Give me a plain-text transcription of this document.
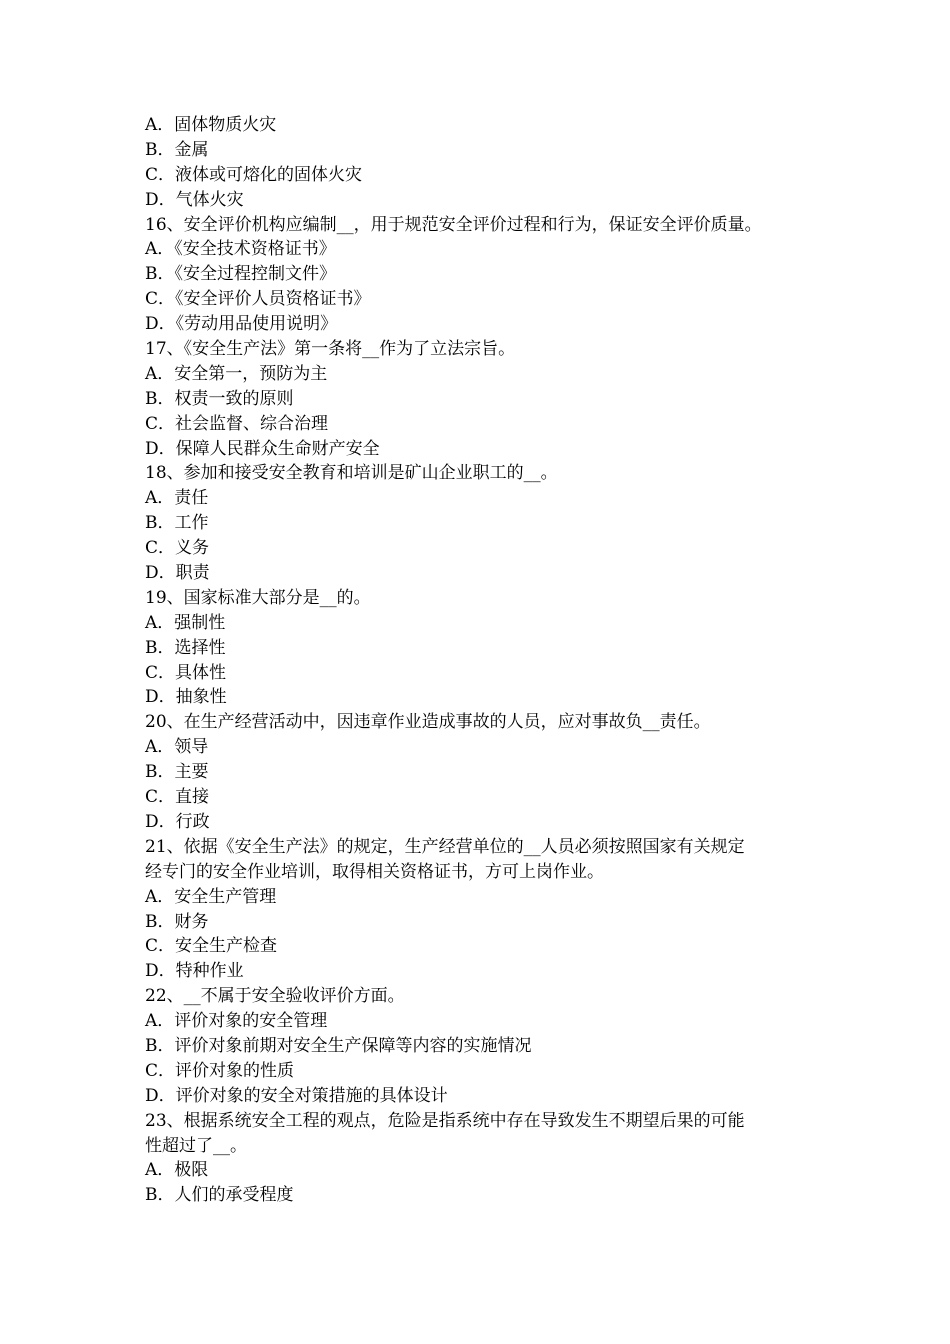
A．固体物质火灾
B．金属
C．液体或可熔化的固体火灾
D．气体火灾
16、安全评价机构应编制__，用于规范安全评价过程和行为，保证安全评价质量。
A．《安全技术资格证书》
B．《安全过程控制文件》
C．《安全评价人员资格证书》
D．《劳动用品使用说明》
17、《安全生产法》第一条将__作为了立法宗旨。
A．安全第一，预防为主
B．权责一致的原则
C．社会监督、综合治理
D．保障人民群众生命财产安全
18、参加和接受安全教育和培训是矿山企业职工的__。
A．责任
B．工作
C．义务
D．职责
19、国家标准大部分是__的。
A．强制性
B．选择性
C．具体性
D．抽象性
20、在生产经营活动中，因违章作业造成事故的人员，应对事故负__责任。
A．领导
B．主要
C．直接
D．行政
21、依据《安全生产法》的规定，生产经营单位的__人员必须按照国家有关规定
经专门的安全作业培训，取得相关资格证书，方可上岗作业。
A．安全生产管理
B．财务
C．安全生产检查
D．特种作业
22、__不属于安全验收评价方面。
A．评价对象的安全管理
B．评价对象前期对安全生产保障等内容的实施情况
C．评价对象的性质
D．评价对象的安全对策措施的具体设计
23、根据系统安全工程的观点，危险是指系统中存在导致发生不期望后果的可能
性超过了__。
A．极限
B．人们的承受程度
